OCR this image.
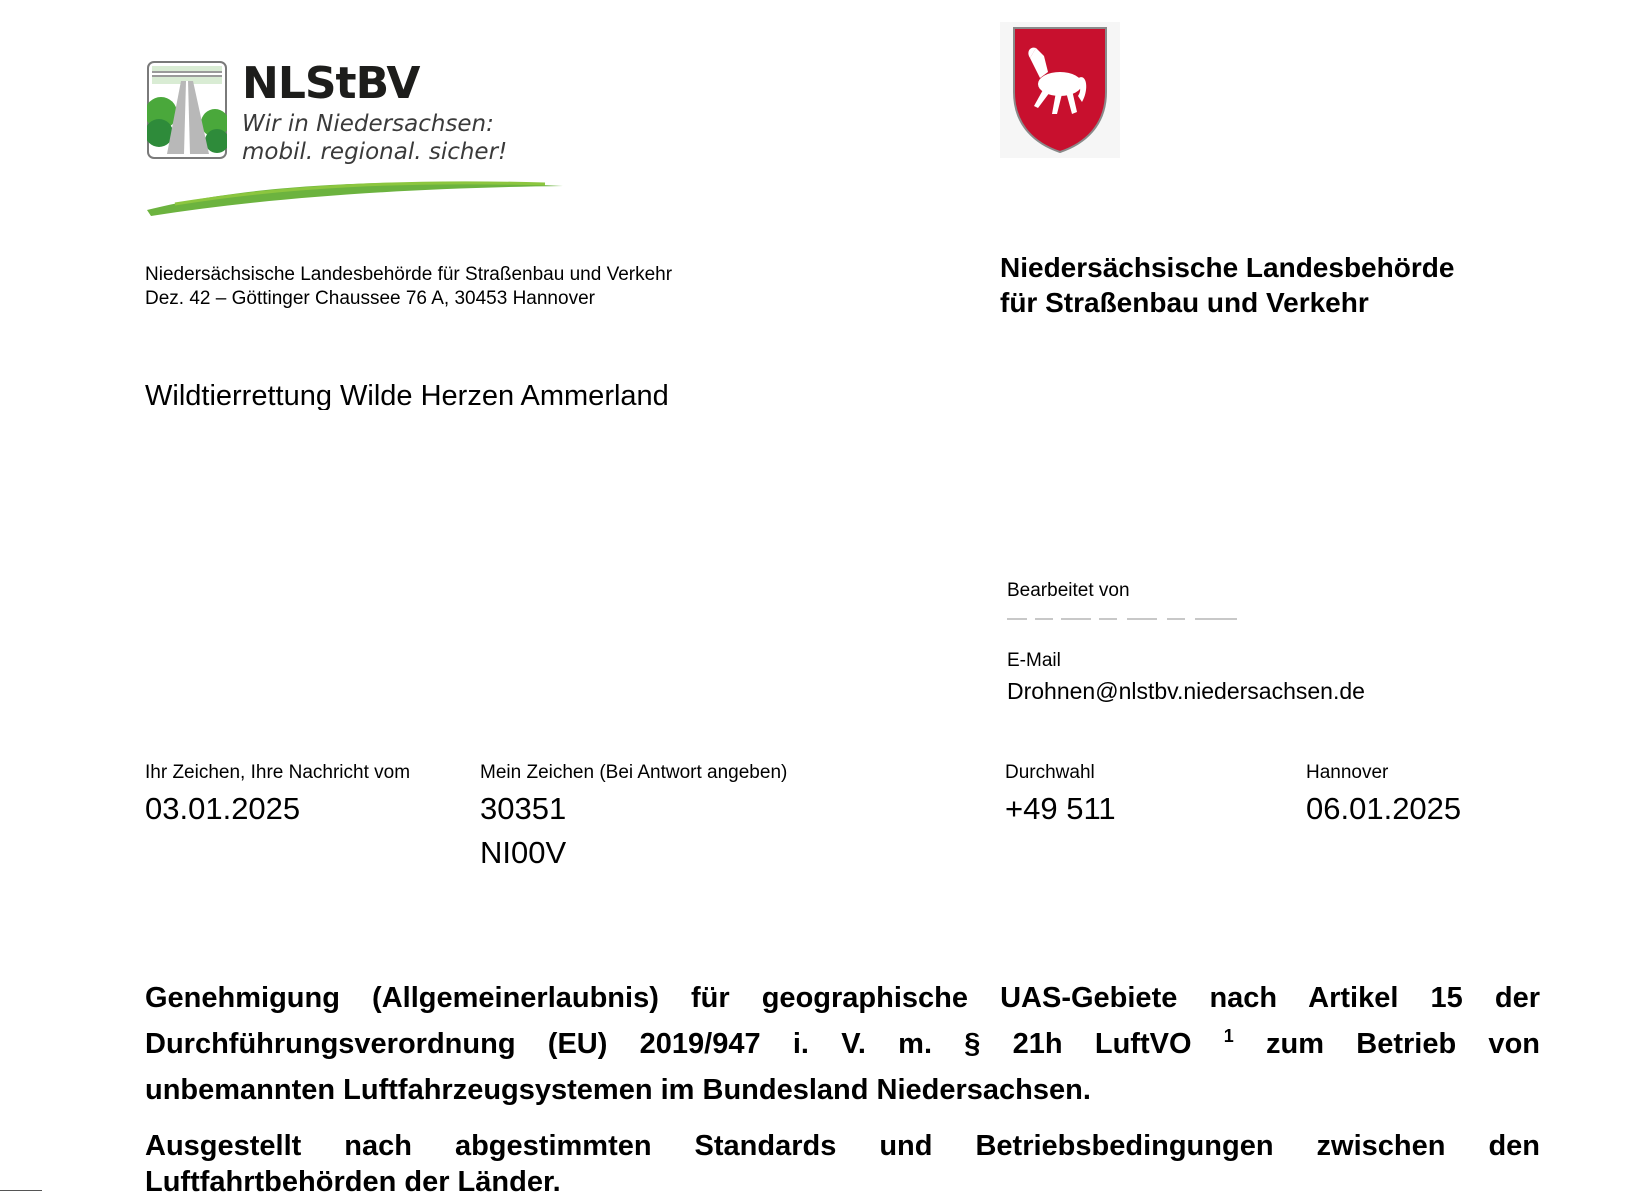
NLStBV
Wir in Niedersachsen:
mobil. regional. sicher!
Niedersächsische Landesbehörde für Straßenbau und Verkehr
Dez. 42 – Göttinger Chaussee 76 A, 30453 Hannover
Niedersächsische Landesbehörde
für Straßenbau und Verkehr
Wildtierrettung Wilde Herzen Ammerland
Bearbeitet von
E-Mail
Drohnen@nlstbv.niedersachsen.de
Ihr Zeichen, Ihre Nachricht vom
03.01.2025
Mein Zeichen (Bei Antwort angeben)
30351
NI00V
Durchwahl
+49 511
Hannover
06.01.2025
Genehmigung (Allgemeinerlaubnis) für geographische UAS-Gebiete nach Artikel 15 der
Durchführungsverordnung (EU) 2019/947 i. V. m. § 21h LuftVO $^1$ zum Betrieb von
unbemannten Luftfahrzeugsystemen im Bundesland Niedersachsen.
Ausgestellt nach abgestimmten Standards und Betriebsbedingungen zwischen den
Luftfahrtbehörden der Länder.
